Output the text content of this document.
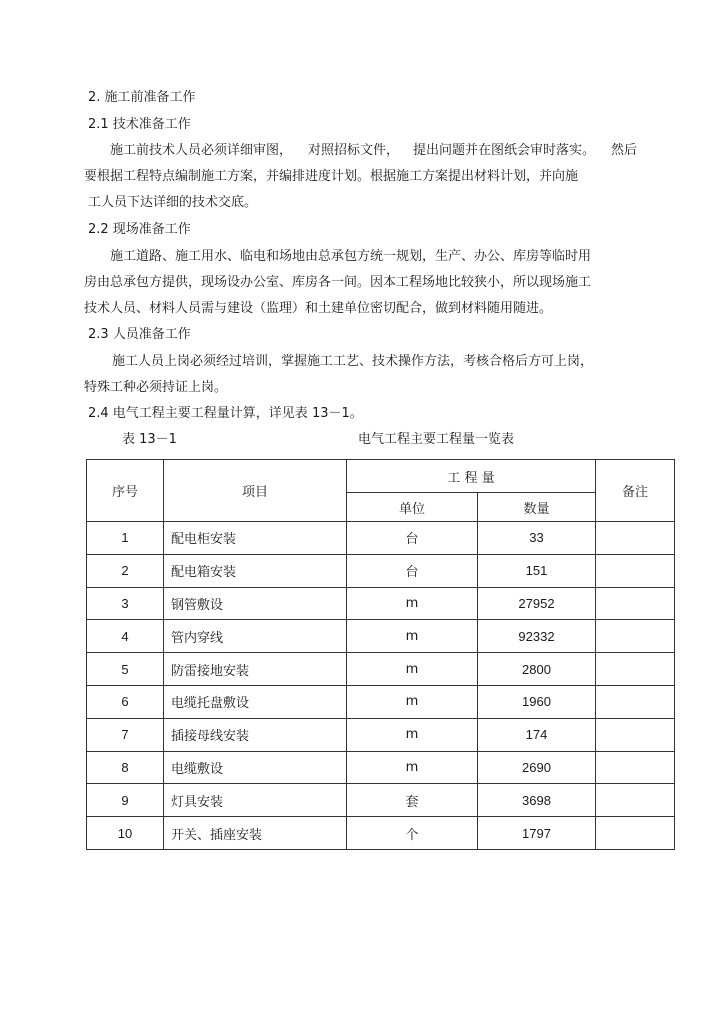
2. 施工前准备工作
2.1 技术准备工作
施工前技术人员必须详细审图， 对照招标文件， 提出问题并在图纸会审时落实。 然后
要根据工程特点编制施工方案，并编排进度计划。根据施工方案提出材料计划，并向施
工人员下达详细的技术交底。
2.2 现场准备工作
施工道路、施工用水、临电和场地由总承包方统一规划，生产、办公、库房等临时用
房由总承包方提供，现场设办公室、库房各一间。因本工程场地比较狭小，所以现场施工
技术人员、材料人员需与建设（监理）和土建单位密切配合，做到材料随用随进。
2.3 人员准备工作
施工人员上岗必须经过培训，掌握施工工艺、技术操作方法，考核合格后方可上岗，
特殊工种必须持证上岗。
2.4 电气工程主要工程量计算，详见表 13－1。
表 13－1	电气工程主要工程量一览表
序号	项目	工 程 量		备注
		单位	数量	
1	配电柜安装	台	33	
2	配电箱安装	台	151	
3	钢管敷设	m	27952	
4	管内穿线	m	92332	
5	防雷接地安装	m	2800	
6	电缆托盘敷设	m	1960	
7	插接母线安装	m	174	
8	电缆敷设	m	2690	
9	灯具安装	套	3698	
10	开关、插座安装	个	1797	
